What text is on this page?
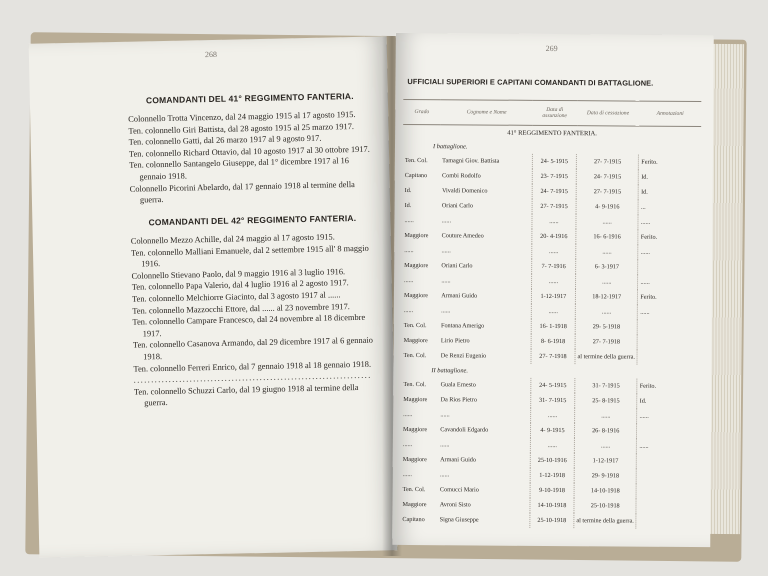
268
COMANDANTI DEL 41° REGGIMENTO FANTERIA.
Colonnello Trotta Vincenzo, dal 24 maggio 1915 al 17 agosto 1915.
Ten. colonnello Giri Battista, dal 28 agosto 1915 al 25 marzo 1917.
Ten. colonnello Gatti, dal 26 marzo 1917 al 9 agosto 917.
Ten. colonnello Richard Ottavio, dal 10 agosto 1917 al 30 ottobre 1917.
Ten. colonnello Santangelo Giuseppe, dal 1° dicembre 1917 al 16 gennaio 1918.
Colonnello Picorini Abelardo, dal 17 gennaio 1918 al termine della guerra.
COMANDANTI DEL 42° REGGIMENTO FANTERIA.
Colonnello Mezzo Achille, dal 24 maggio al 17 agosto 1915.
Ten. colonnello Malliani Emanuele, dal 2 settembre 1915 all' 8 maggio 1916.
Colonnello Stievano Paolo, dal 9 maggio 1916 al 3 luglio 1916.
Ten. colonnello Papa Valerio, dal 4 luglio 1916 al 2 agosto 1917.
Ten. colonnello Melchiorre Giacinto, dal 3 agosto 1917 al ......
Ten. colonnello Mazzocchi Ettore, dal ...... al 23 novembre 1917.
Ten. colonnello Campare Francesco, dal 24 novembre al 18 dicembre 1917.
Ten. colonnello Casanova Armando, dal 29 dicembre 1917 al 6 gennaio 1918.
Ten. colonnello Ferreri Enrico, dal 7 gennaio 1918 al 18 gennaio 1918.
....................................................................
Ten. colonnello Schuzzi Carlo, dal 19 giugno 1918 al termine della guerra.
269
UFFICIALI SUPERIORI E CAPITANI COMANDANTI DI BATTAGLIONE.
Grado	Cognome e Nome	Data di assunzione	Data di cessazione	Annotazioni
41° REGGIMENTO FANTERIA.				
I battaglione.				
Ten. Col.	Tamagni Giov. Battista	24- 5-1915	27- 7-1915	Ferito.
Capitano	Combi Rodolfo	23- 7-1915	24- 7-1915	Id.
Id.	Vivaldi Domenico	24- 7-1915	27- 7-1915	Id.
Id.	Oriani Carlo	27- 7-1915	4- 9-1916	...
......	......	......	......	......
Maggiore	Couture Amedeo	20- 4-1916	16- 6-1916	Ferito.
......	......	......	......	......
Maggiore	Oriani Carlo	7- 7-1916	6- 3-1917	
......	......	......	......	......
Maggiore	Armani Guido	1-12-1917	18-12-1917	Ferito.
......	......	......	......	......
Ten. Col.	Fontana Amerigo	16- 1-1918	29- 5-1918	
Maggiore	Lirio Pietro	8- 6-1918	27- 7-1918	
Ten. Col.	De Renzi Eugenio	27- 7-1918	al termine della guerra.	
II battaglione.				
Ten. Col.	Guala Ernesto	24- 5-1915	31- 7-1915	Ferito.
Maggiore	Da Rios Pietro	31- 7-1915	25- 8-1915	Id.
......	......	......	......	......
Maggiore	Cavandoli Edgardo	4- 9-1915	26- 8-1916	
......	......	......	......	......
Maggiore	Armani Guido	25-10-1916	1-12-1917	
......	......	1-12-1918	29- 9-1918	
Ten. Col.	Comucci Mario	9-10-1918	14-10-1918	
Maggiore	Avroni Sisto	14-10-1918	25-10-1918	
Capitano	Signa Giuseppe	25-10-1918	al termine della guerra.	
